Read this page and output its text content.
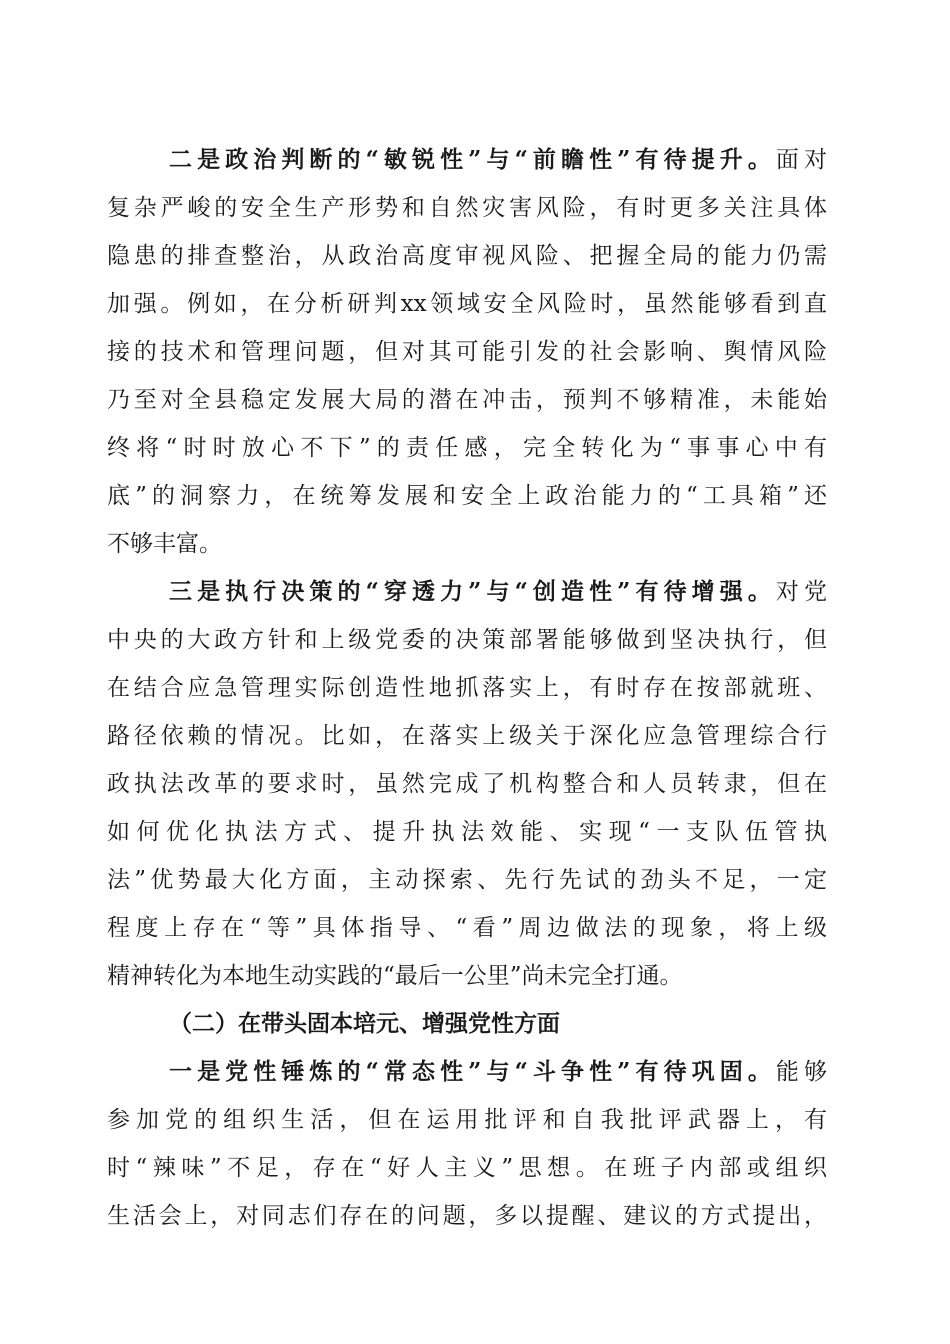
二是政治判断的“敏锐性”与“前瞻性”有待提升。面对
复杂严峻的安全生产形势和自然灾害风险，有时更多关注具体
隐患的排查整治，从政治高度审视风险、把握全局的能力仍需
加强。例如，在分析研判xx领域安全风险时，虽然能够看到直
接的技术和管理问题，但对其可能引发的社会影响、舆情风险
乃至对全县稳定发展大局的潜在冲击，预判不够精准，未能始
终将“时时放心不下”的责任感，完全转化为“事事心中有
底”的洞察力，在统筹发展和安全上政治能力的“工具箱”还
不够丰富。
三是执行决策的“穿透力”与“创造性”有待增强。对党
中央的大政方针和上级党委的决策部署能够做到坚决执行，但
在结合应急管理实际创造性地抓落实上，有时存在按部就班、
路径依赖的情况。比如，在落实上级关于深化应急管理综合行
政执法改革的要求时，虽然完成了机构整合和人员转隶，但在
如何优化执法方式、提升执法效能、实现“一支队伍管执
法”优势最大化方面，主动探索、先行先试的劲头不足，一定
程度上存在“等”具体指导、“看”周边做法的现象，将上级
精神转化为本地生动实践的“最后一公里”尚未完全打通。
（二）在带头固本培元、增强党性方面
一是党性锤炼的“常态性”与“斗争性”有待巩固。能够
参加党的组织生活，但在运用批评和自我批评武器上，有
时“辣味”不足，存在“好人主义”思想。在班子内部或组织
生活会上，对同志们存在的问题，多以提醒、建议的方式提出，
